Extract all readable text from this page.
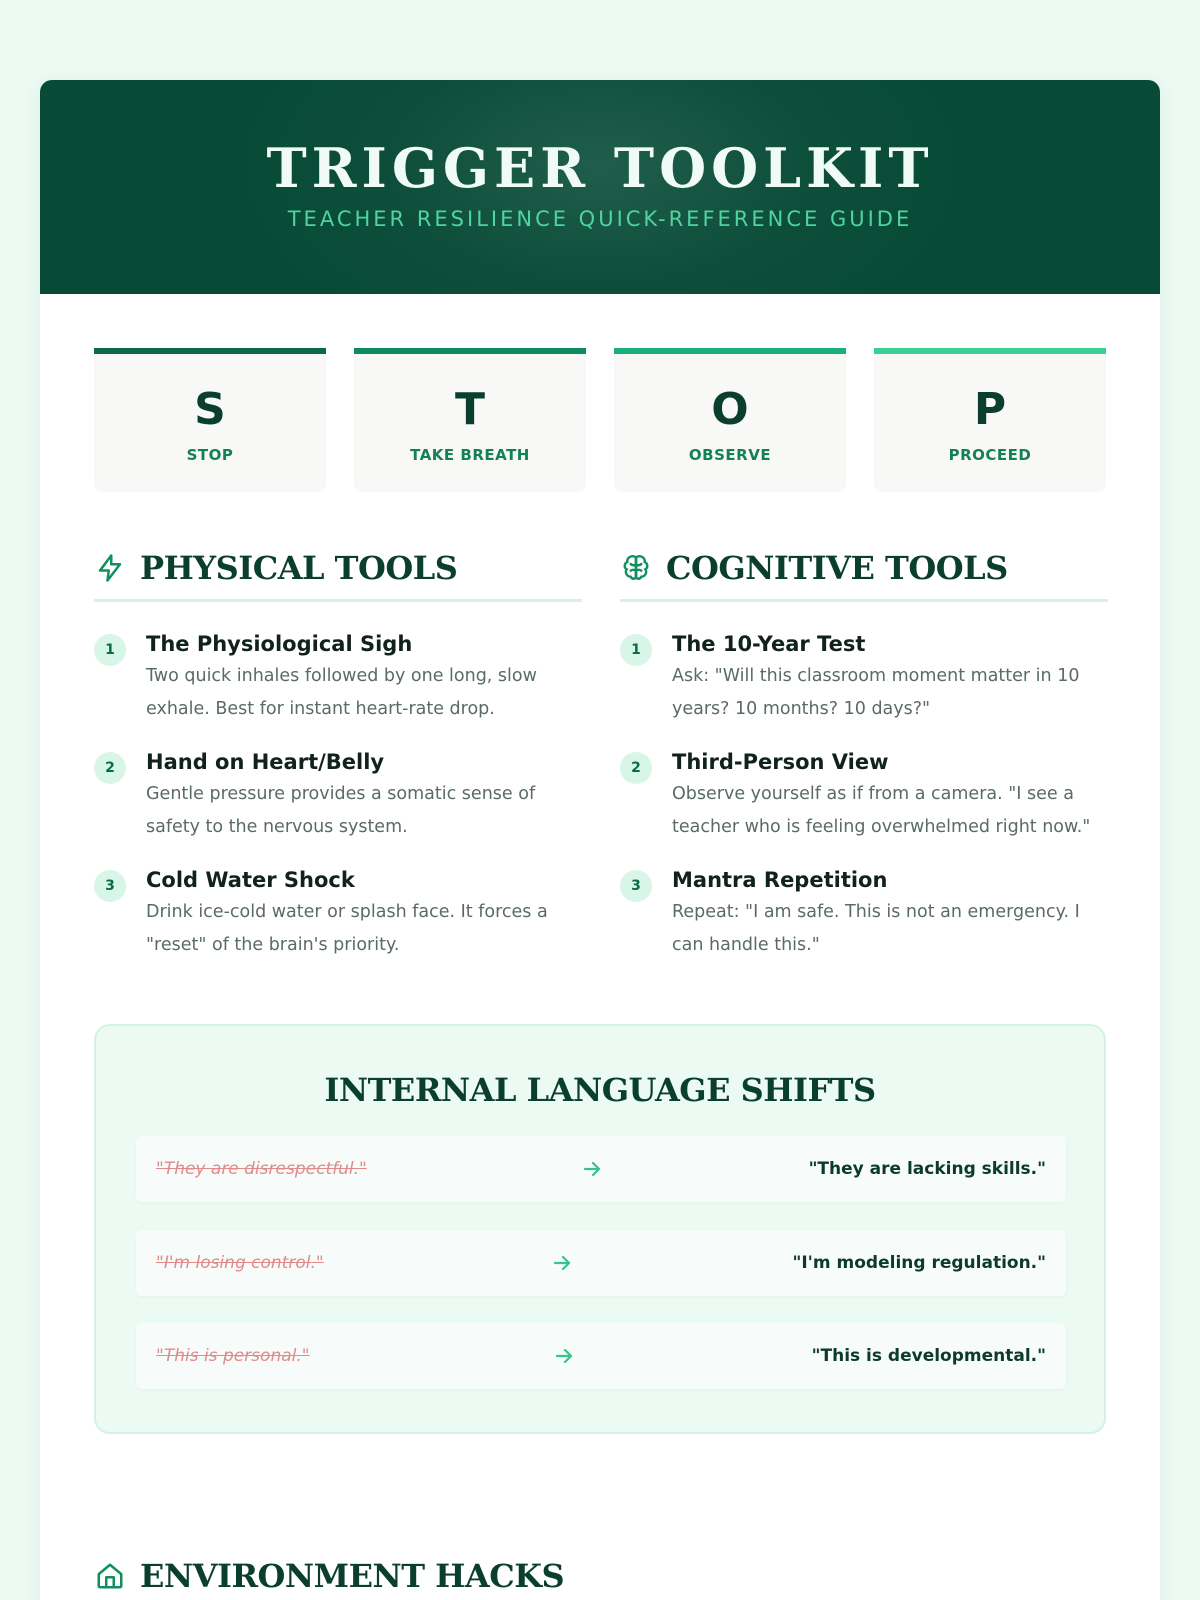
TRIGGER TOOLKIT
TEACHER RESILIENCE QUICK-REFERENCE GUIDE
S
STOP
T
TAKE BREATH
O
OBSERVE
P
PROCEED
PHYSICAL TOOLS
1	The Physiological Sigh
Two quick inhales followed by one long, slow exhale. Best for instant heart-rate drop.
2	Hand on Heart/Belly
Gentle pressure provides a somatic sense of safety to the nervous system.
3	Cold Water Shock
Drink ice-cold water or splash face. It forces a "reset" of the brain's priority.
COGNITIVE TOOLS
1	The 10-Year Test
Ask: "Will this classroom moment matter in 10 years? 10 months? 10 days?"
2	Third-Person View
Observe yourself as if from a camera. "I see a teacher who is feeling overwhelmed right now."
3	Mantra Repetition
Repeat: "I am safe. This is not an emergency. I can handle this."
INTERNAL LANGUAGE SHIFTS
"They are disrespectful."	"They are lacking skills."
"I'm losing control."	"I'm modeling regulation."
"This is personal."	"This is developmental."
ENVIRONMENT HACKS
